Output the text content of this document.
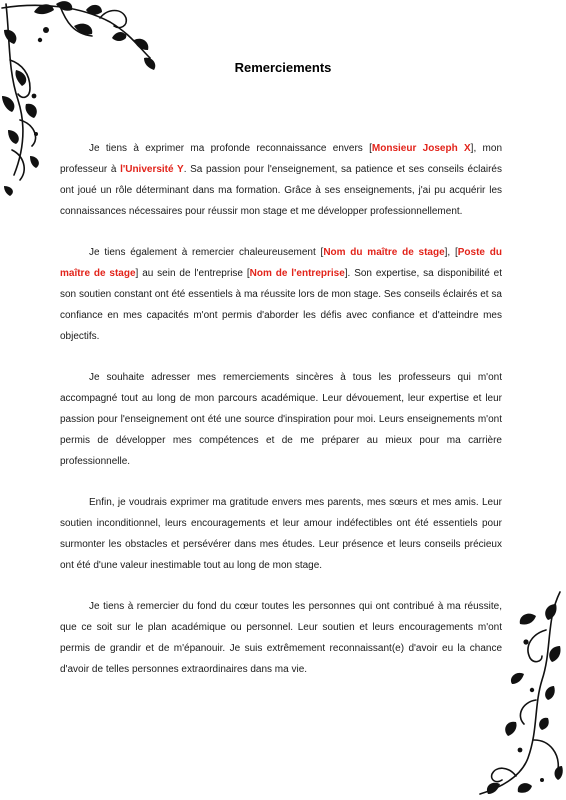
Remerciements

Je tiens à exprimer ma profonde reconnaissance envers [Monsieur Joseph X], mon professeur à l'Université Y. Sa passion pour l'enseignement, sa patience et ses conseils éclairés ont joué un rôle déterminant dans ma formation. Grâce à ses enseignements, j'ai pu acquérir les connaissances nécessaires pour réussir mon stage et me développer professionnellement.

Je tiens également à remercier chaleureusement [Nom du maître de stage], [Poste du maître de stage] au sein de l'entreprise [Nom de l'entreprise]. Son expertise, sa disponibilité et son soutien constant ont été essentiels à ma réussite lors de mon stage. Ses conseils éclairés et sa confiance en mes capacités m'ont permis d'aborder les défis avec confiance et d'atteindre mes objectifs.

Je souhaite adresser mes remerciements sincères à tous les professeurs qui m'ont accompagné tout au long de mon parcours académique. Leur dévouement, leur expertise et leur passion pour l'enseignement ont été une source d'inspiration pour moi. Leurs enseignements m'ont permis de développer mes compétences et de me préparer au mieux pour ma carrière professionnelle.

Enfin, je voudrais exprimer ma gratitude envers mes parents, mes sœurs et mes amis. Leur soutien inconditionnel, leurs encouragements et leur amour indéfectibles ont été essentiels pour surmonter les obstacles et persévérer dans mes études. Leur présence et leurs conseils précieux ont été d'une valeur inestimable tout au long de mon stage.

Je tiens à remercier du fond du cœur toutes les personnes qui ont contribué à ma réussite, que ce soit sur le plan académique ou personnel. Leur soutien et leurs encouragements m'ont permis de grandir et de m'épanouir. Je suis extrêmement reconnaissant(e) d'avoir eu la chance d'avoir de telles personnes extraordinaires dans ma vie.
